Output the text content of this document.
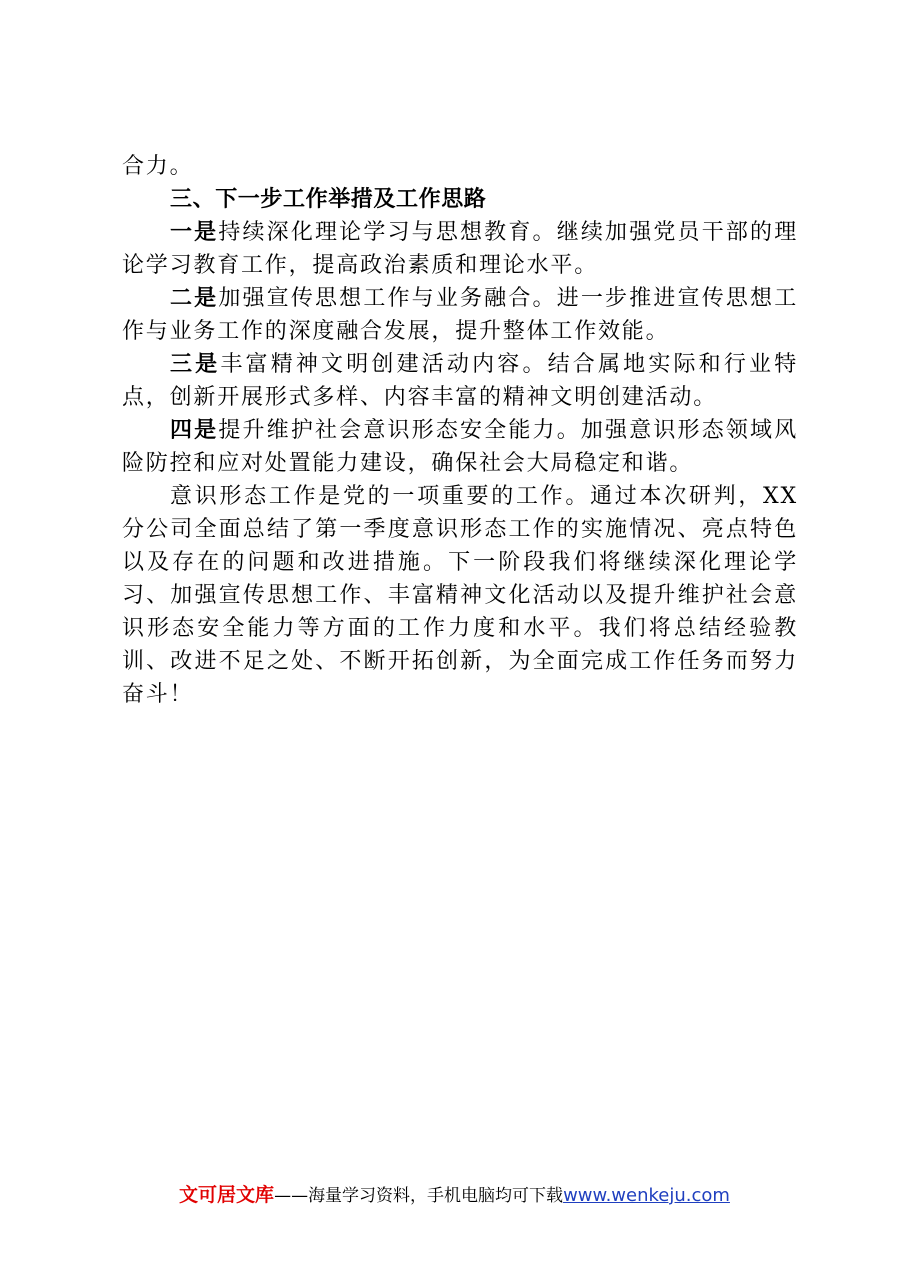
合力。

三、下一步工作举措及工作思路

一是持续深化理论学习与思想教育。继续加强党员干部的理论学习教育工作，提高政治素质和理论水平。

二是加强宣传思想工作与业务融合。进一步推进宣传思想工作与业务工作的深度融合发展，提升整体工作效能。

三是丰富精神文明创建活动内容。结合属地实际和行业特点，创新开展形式多样、内容丰富的精神文明创建活动。

四是提升维护社会意识形态安全能力。加强意识形态领域风险防控和应对处置能力建设，确保社会大局稳定和谐。

意识形态工作是党的一项重要的工作。通过本次研判，XX分公司全面总结了第一季度意识形态工作的实施情况、亮点特色以及存在的问题和改进措施。下一阶段我们将继续深化理论学习、加强宣传思想工作、丰富精神文化活动以及提升维护社会意识形态安全能力等方面的工作力度和水平。我们将总结经验教训、改进不足之处、不断开拓创新，为全面完成工作任务而努力奋斗！

文可居文库——海量学习资料，手机电脑均可下载www.wenkeju.com
